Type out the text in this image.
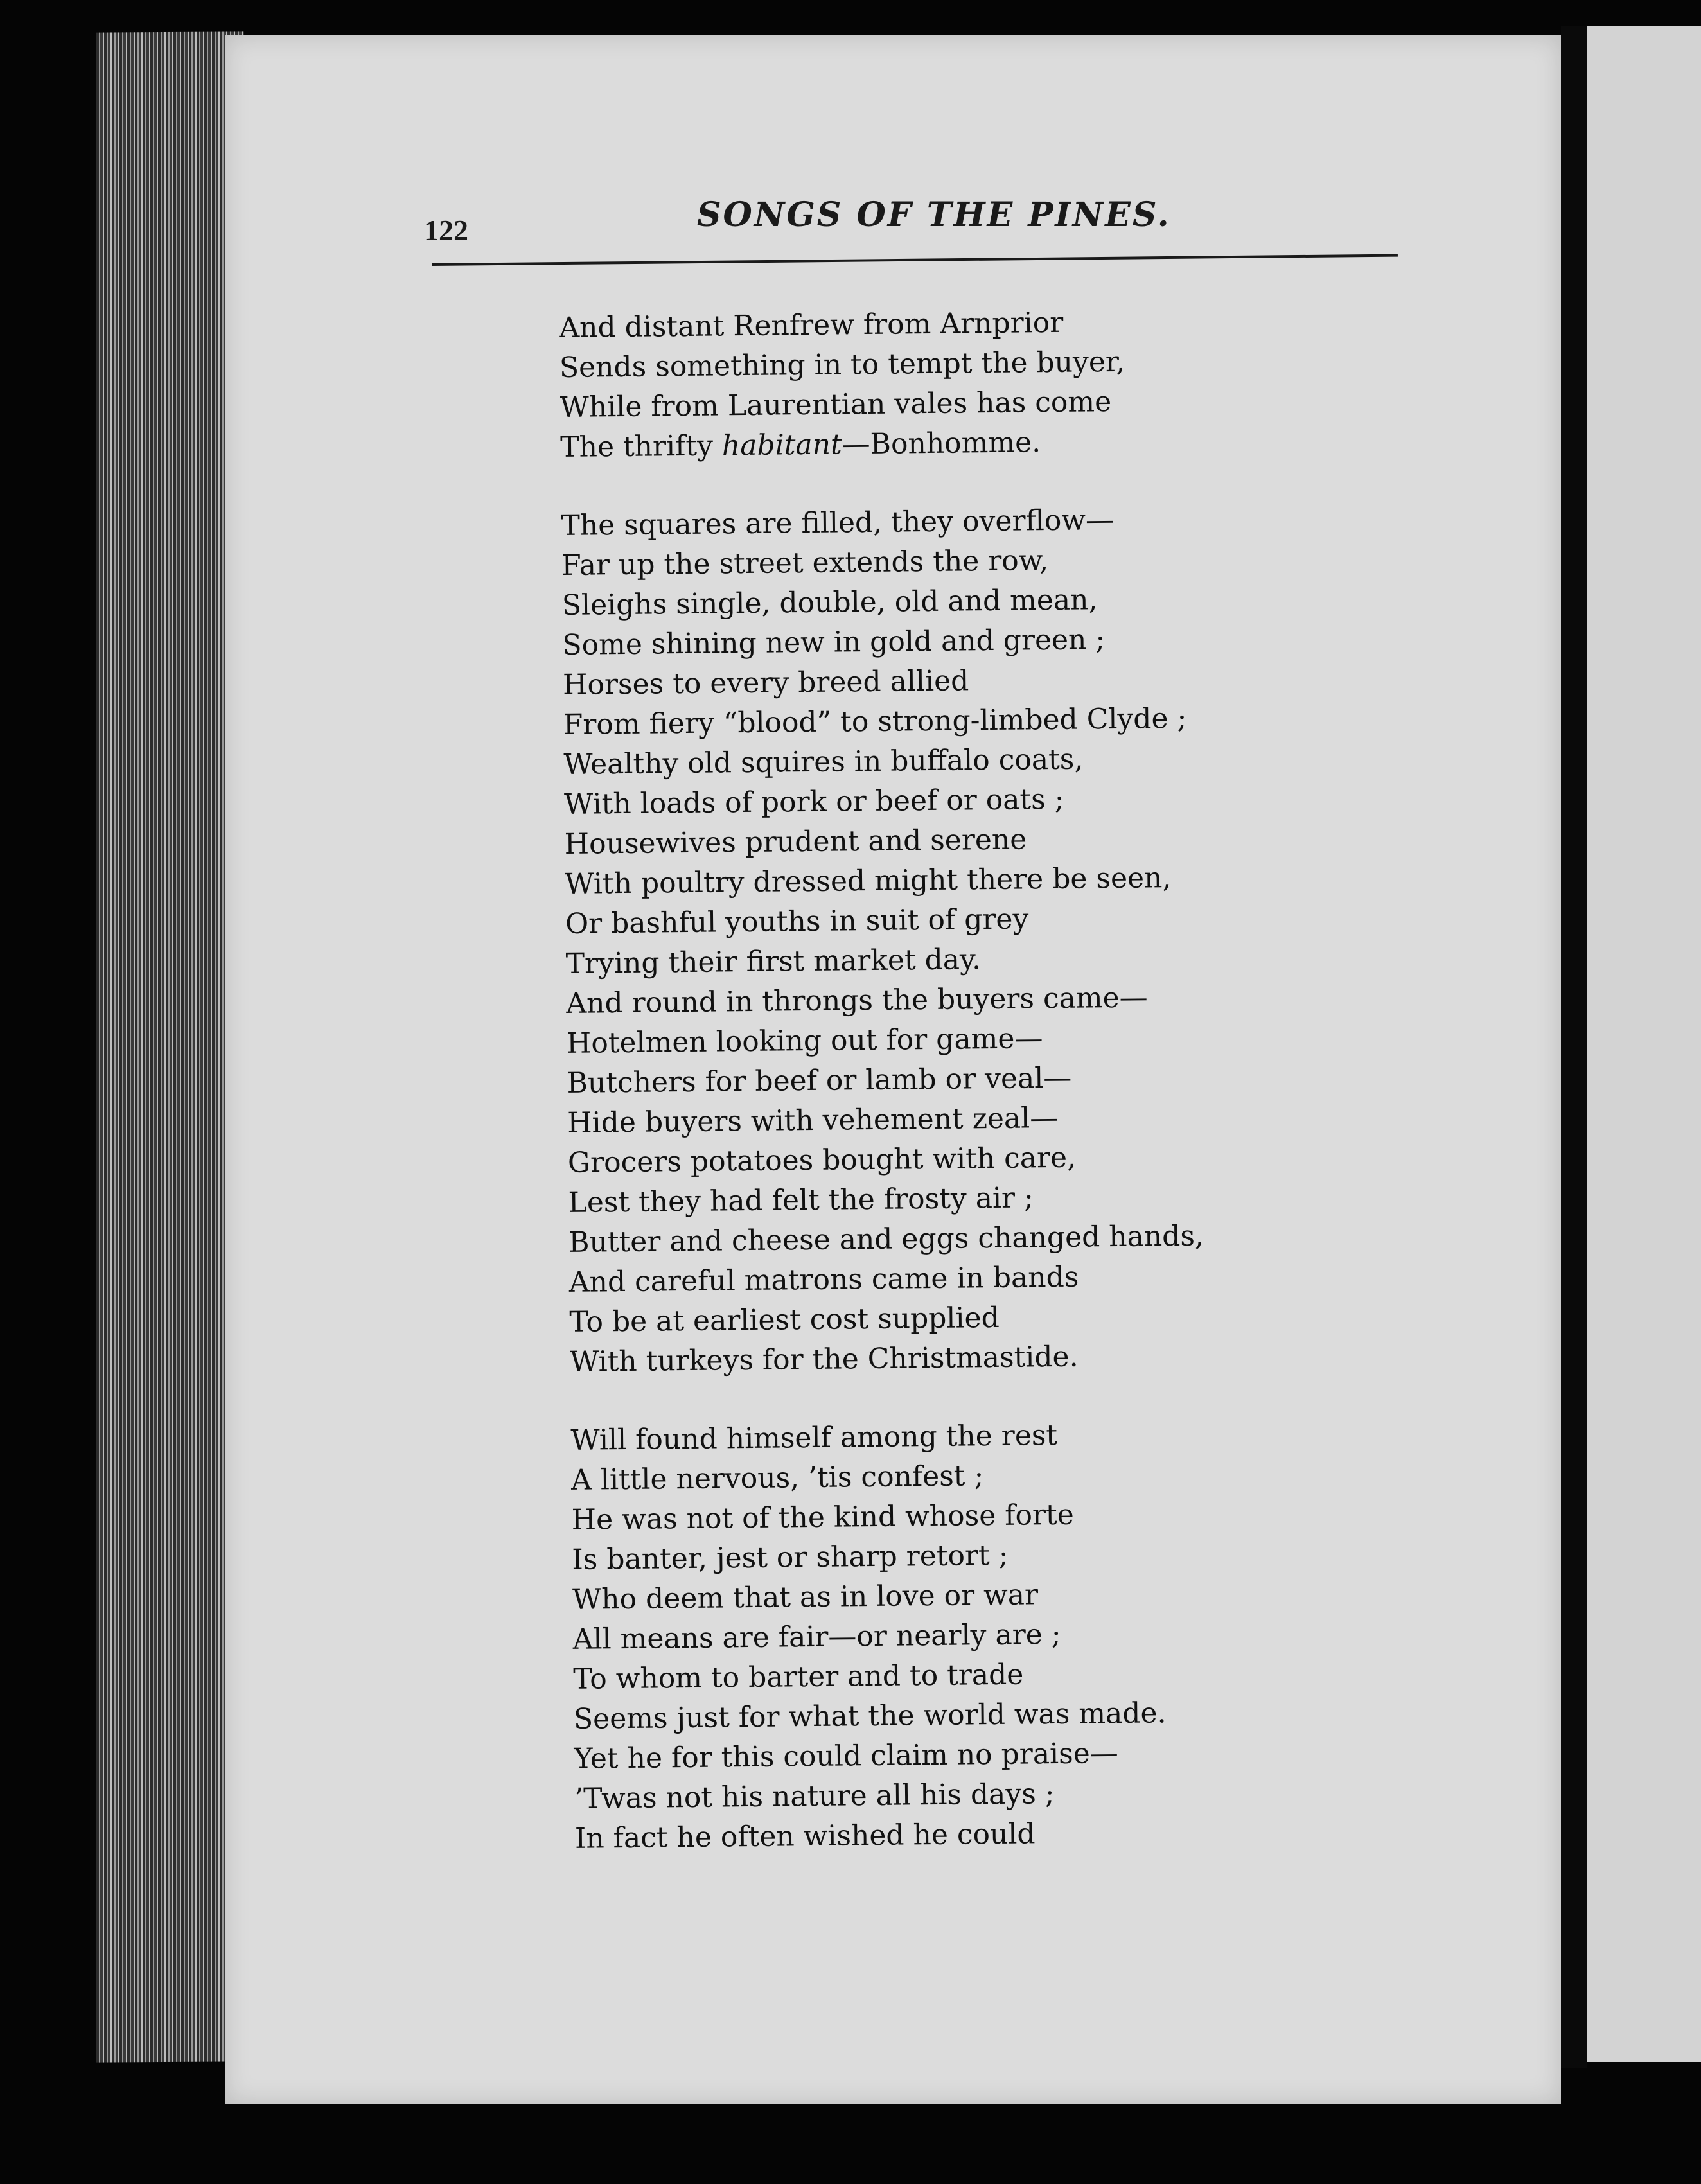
122	SONGS OF THE PINES.
And distant Renfrew from Arnprior
Sends something in to tempt the buyer,
While from Laurentian vales has come
The thrifty habitant—Bonhomme.
The squares are filled, they overflow—
Far up the street extends the row,
Sleighs single, double, old and mean,
Some shining new in gold and green ;
Horses to every breed allied
From fiery “blood” to strong-limbed Clyde ;
Wealthy old squires in buffalo coats,
With loads of pork or beef or oats ;
Housewives prudent and serene
With poultry dressed might there be seen,
Or bashful youths in suit of grey
Trying their first market day.
And round in throngs the buyers came—
Hotelmen looking out for game—
Butchers for beef or lamb or veal—
Hide buyers with vehement zeal—
Grocers potatoes bought with care,
Lest they had felt the frosty air ;
Butter and cheese and eggs changed hands,
And careful matrons came in bands
To be at earliest cost supplied
With turkeys for the Christmastide.
Will found himself among the rest
A little nervous, ’tis confest ;
He was not of the kind whose forte
Is banter, jest or sharp retort ;
Who deem that as in love or war
All means are fair—or nearly are ;
To whom to barter and to trade
Seems just for what the world was made.
Yet he for this could claim no praise—
’Twas not his nature all his days ;
In fact he often wished he could
